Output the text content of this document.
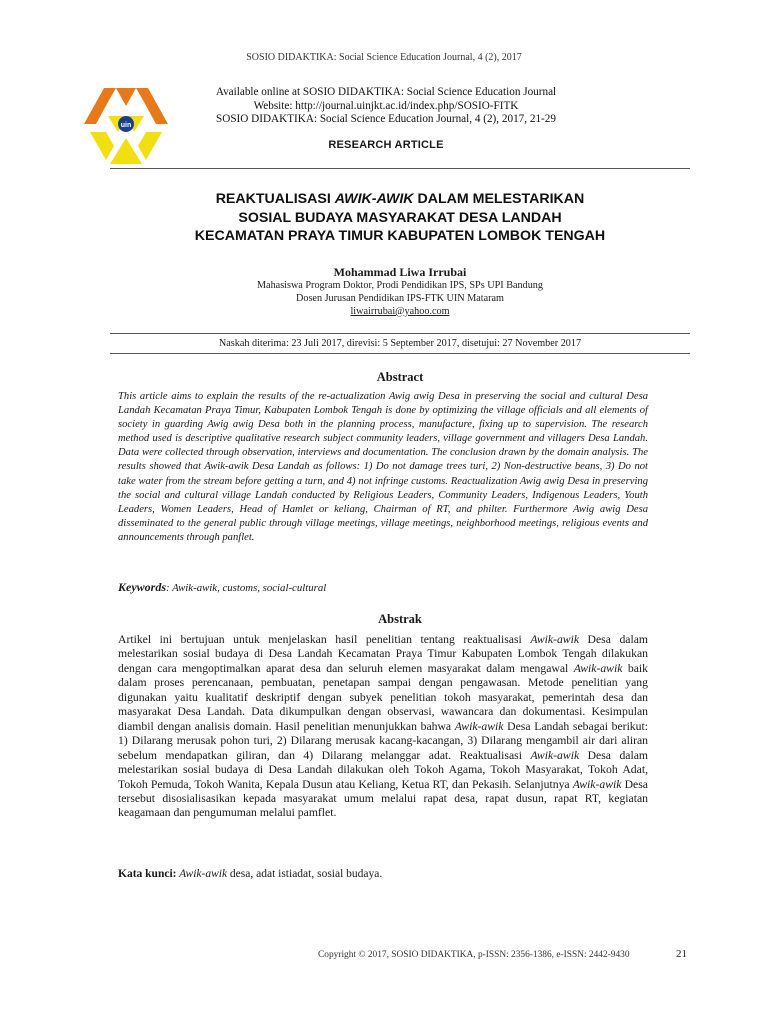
SOSIO DIDAKTIKA: Social Science Education Journal, 4 (2), 2017
uin
Available online at SOSIO DIDAKTIKA: Social Science Education Journal
Website: http://journal.uinjkt.ac.id/index.php/SOSIO-FITK
SOSIO DIDAKTIKA: Social Science Education Journal, 4 (2), 2017, 21-29
RESEARCH ARTICLE
REAKTUALISASI AWIK-AWIK DALAM MELESTARIKAN
SOSIAL BUDAYA MASYARAKAT DESA LANDAH
KECAMATAN PRAYA TIMUR KABUPATEN LOMBOK TENGAH
Mohammad Liwa Irrubai
Mahasiswa Program Doktor, Prodi Pendidikan IPS, SPs UPI Bandung
Dosen Jurusan Pendidikan IPS-FTK UIN Mataram
liwairrubai@yahoo.com
Naskah diterima: 23 Juli 2017, direvisi: 5 September 2017, disetujui: 27 November 2017
Abstract
This article aims to explain the results of the re-actualization Awig awig Desa in preserving the social and cultural Desa Landah Kecamatan Praya Timur, Kabupaten Lombok Tengah is done by optimizing the village officials and all elements of society in guarding Awig awig Desa both in the planning process, manufacture, fixing up to supervision. The research method used is descriptive qualitative research subject community leaders, village government and villagers Desa Landah. Data were collected through observation, interviews and documentation. The conclusion drawn by the domain analysis. The results showed that Awik-awik Desa Landah as follows: 1) Do not damage trees turi, 2) Non-destructive beans, 3) Do not take water from the stream before getting a turn, and 4) not infringe customs. Reactualization Awig awig Desa in preserving the social and cultural village Landah conducted by Religious Leaders, Community Leaders, Indigenous Leaders, Youth Leaders, Women Leaders, Head of Hamlet or keliang, Chairman of RT, and philter. Furthermore Awig awig Desa disseminated to the general public through village meetings, village meetings, neighborhood meetings, religious events and announcements through panflet.
Keywords: Awik-awik, customs, social-cultural
Abstrak
Artikel ini bertujuan untuk menjelaskan hasil penelitian tentang reaktualisasi Awik-awik Desa dalam melestarikan sosial budaya di Desa Landah Kecamatan Praya Timur Kabupaten Lombok Tengah dilakukan dengan cara mengoptimalkan aparat desa dan seluruh elemen masyarakat dalam mengawal Awik-awik baik dalam proses perencanaan, pembuatan, penetapan sampai dengan pengawasan. Metode penelitian yang digunakan yaitu kualitatif deskriptif dengan subyek penelitian tokoh masyarakat, pemerintah desa dan masyarakat Desa Landah. Data dikumpulkan dengan observasi, wawancara dan dokumentasi. Kesimpulan diambil dengan analisis domain. Hasil penelitian menunjukkan bahwa Awik-awik Desa Landah sebagai berikut: 1) Dilarang merusak pohon turi, 2) Dilarang merusak kacang-kacangan, 3) Dilarang mengambil air dari aliran sebelum mendapatkan giliran, dan 4) Dilarang melanggar adat. Reaktualisasi Awik-awik Desa dalam melestarikan sosial budaya di Desa Landah dilakukan oleh Tokoh Agama, Tokoh Masyarakat, Tokoh Adat, Tokoh Pemuda, Tokoh Wanita, Kepala Dusun atau Keliang, Ketua RT, dan Pekasih. Selanjutnya Awik-awik Desa tersebut disosialisasikan kepada masyarakat umum melalui rapat desa, rapat dusun, rapat RT, kegiatan keagamaan dan pengumuman melalui pamflet.
Kata kunci: Awik-awik desa, adat istiadat, sosial budaya.
Copyright © 2017, SOSIO DIDAKTIKA, p-ISSN: 2356-1386, e-ISSN: 2442-9430	21
